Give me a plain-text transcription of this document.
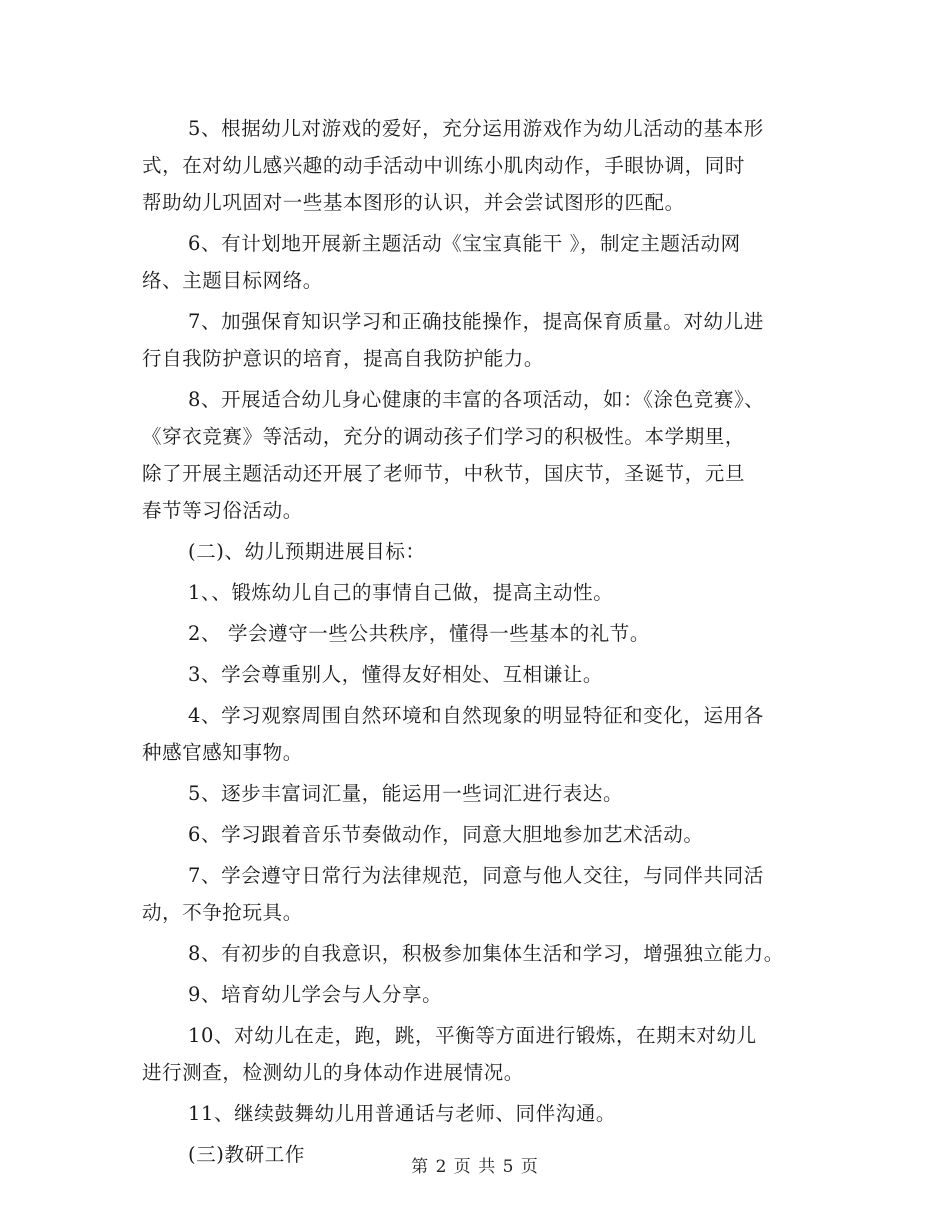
5、根据幼儿对游戏的爱好，充分运用游戏作为幼儿活动的基本形
式，在对幼儿感兴趣的动手活动中训练小肌肉动作，手眼协调，同时
帮助幼儿巩固对一些基本图形的认识，并会尝试图形的匹配。

6、有计划地开展新主题活动《宝宝真能干 》，制定主题活动网
络、主题目标网络。

7、加强保育知识学习和正确技能操作，提高保育质量。对幼儿进
行自我防护意识的培育，提高自我防护能力。

8、开展适合幼儿身心健康的丰富的各项活动，如：《涂色竞赛》、
《穿衣竞赛》等活动，充分的调动孩子们学习的积极性。本学期里，
除了开展主题活动还开展了老师节，中秋节，国庆节，圣诞节，元旦
春节等习俗活动。

(二)、幼儿预期进展目标：

1、、锻炼幼儿自己的事情自己做，提高主动性。

2、 学会遵守一些公共秩序，懂得一些基本的礼节。

3、学会尊重别人，懂得友好相处、互相谦让。

4、学习观察周围自然环境和自然现象的明显特征和变化，运用各
种感官感知事物。

5、逐步丰富词汇量，能运用一些词汇进行表达。

6、学习跟着音乐节奏做动作，同意大胆地参加艺术活动。

7、学会遵守日常行为法律规范，同意与他人交往，与同伴共同活
动，不争抢玩具。

8、有初步的自我意识，积极参加集体生活和学习，增强独立能力。

9、培育幼儿学会与人分享。

10、对幼儿在走，跑，跳，平衡等方面进行锻炼，在期末对幼儿
进行测查，检测幼儿的身体动作进展情况。

11、继续鼓舞幼儿用普通话与老师、同伴沟通。

(三)教研工作

第 2 页 共 5 页
